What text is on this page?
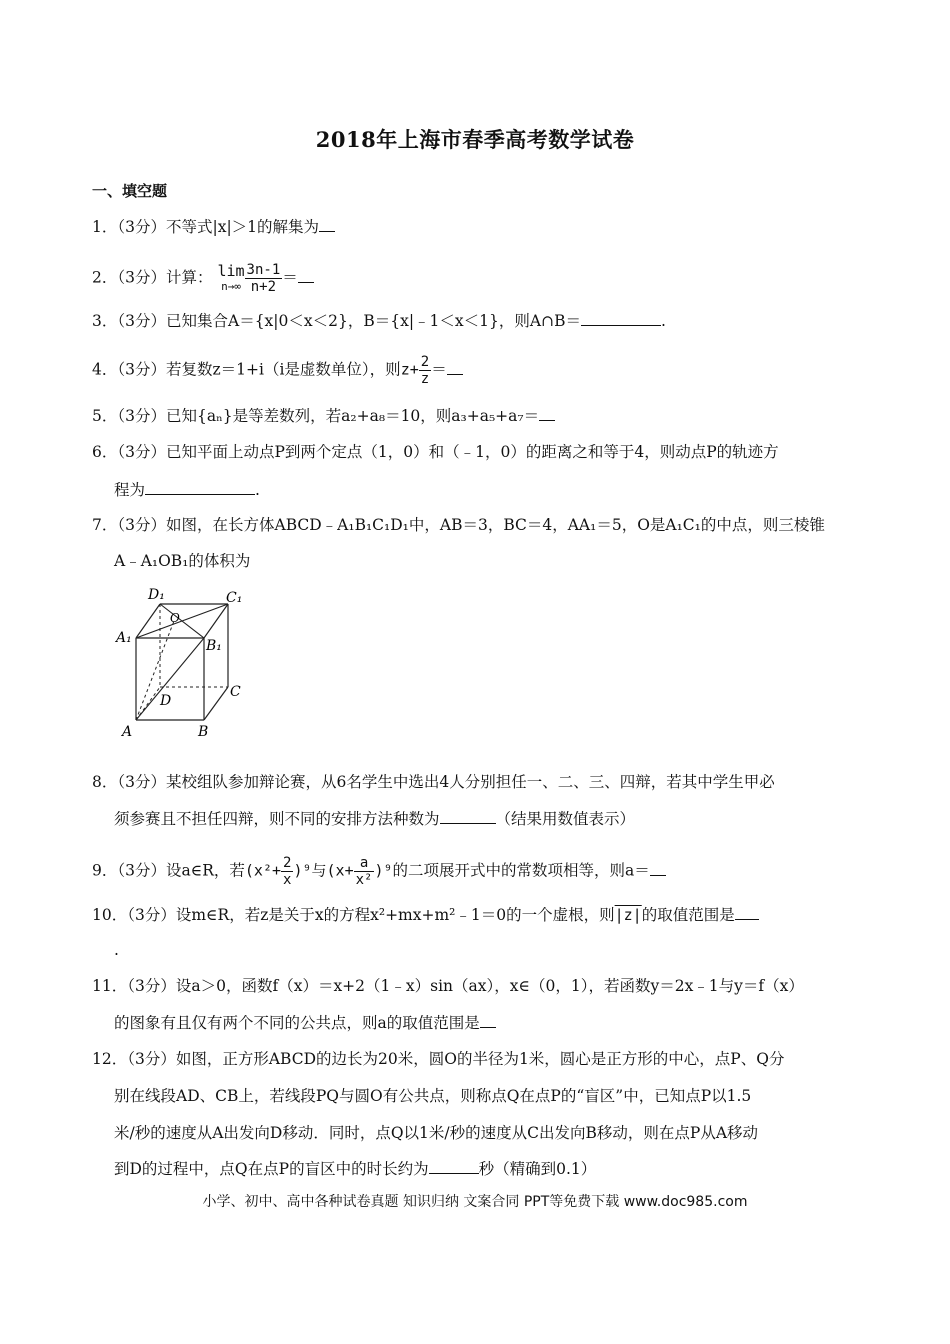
2018年上海市春季高考数学试卷
一、填空题
1．（3分）不等式|x|＞1的解集为
2．（3分）计算： lim
$n\to\infty \frac{3n-1}{n+2}$ ＝
3．（3分）已知集合A＝{x|0＜x＜2}，B＝{x|﹣1＜x＜1}，则A∩B＝	.
4．（3分）若复数z＝1+i（i是虚数单位），则$z+ \frac{2}{z}$ ＝
5．（3分）已知{aₙ}是等差数列，若a₂+a₈＝10，则a₃+a₅+a₇＝
6．（3分）已知平面上动点P到两个定点（1，0）和（﹣1，0）的距离之和等于4，则动点P的轨迹方
程为	.
7．（3分）如图，在长方体ABCD﹣A₁B₁C₁D₁中，AB＝3，BC＝4，AA₁＝5，O是A₁C₁的中点，则三棱锥
A﹣A₁OB₁的体积为
D₁	C₁
O
A₁	B₁
C
D
A	B
8．（3分）某校组队参加辩论赛，从6名学生中选出4人分别担任一、二、三、四辩，若其中学生甲必
须参赛且不担任四辩，则不同的安排方法种数为	（结果用数值表示）
9．（3分）设a∈R，若$(x^2+ \frac{2}{x} )^9$与$(x+ \frac{a}{\text{x²}} )^9$的二项展开式中的常数项相等，则a＝
10．（3分）设m∈R，若z是关于x的方程x²+mx+m²﹣1＝0的一个虚根，则|z|的取值范围是
.
11．（3分）设a＞0，函数f（x）＝x+2（1﹣x）sin（ax），x∈（0，1），若函数y＝2x﹣1与y＝f（x）
的图象有且仅有两个不同的公共点，则a的取值范围是
12．（3分）如图，正方形ABCD的边长为20米，圆O的半径为1米，圆心是正方形的中心，点P、Q分
别在线段AD、CB上，若线段PQ与圆O有公共点，则称点Q在点P的“盲区”中，已知点P以1.5
米/秒的速度从A出发向D移动．同时，点Q以1米/秒的速度从C出发向B移动，则在点P从A移动
到D的过程中，点Q在点P的盲区中的时长约为	秒（精确到0.1）
小学、初中、高中各种试卷真题 知识归纳 文案合同 PPT等免费下载 www.doc985.com
